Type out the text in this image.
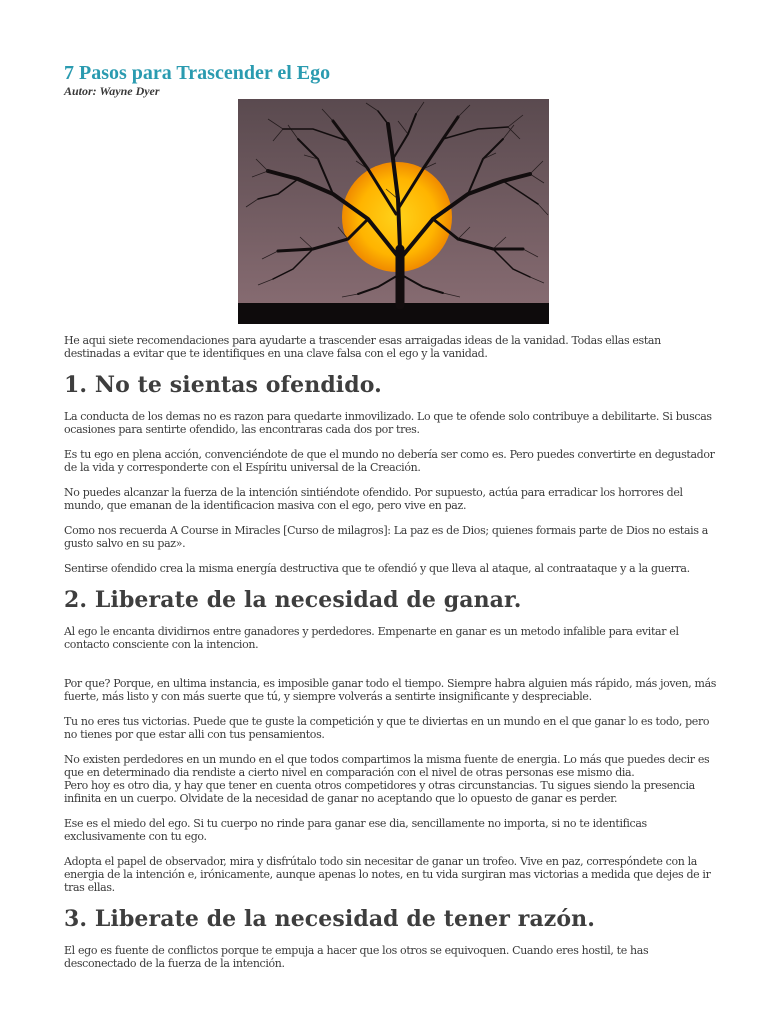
7 Pasos para Trascender el Ego
Autor: Wayne Dyer

He aqui siete recomendaciones para ayudarte a trascender esas arraigadas ideas de la vanidad. Todas ellas estan destinadas a evitar que te identifiques en una clave falsa con el ego y la vanidad.

1. No te sientas ofendido.

La conducta de los demas no es razon para quedarte inmovilizado. Lo que te ofende solo contribuye a debilitarte. Si buscas ocasiones para sentirte ofendido, las encontraras cada dos por tres.

Es tu ego en plena acción, convenciéndote de que el mundo no debería ser como es. Pero puedes convertirte en degustador de la vida y corresponderte con el Espíritu universal de la Creación.

No puedes alcanzar la fuerza de la intención sintiéndote ofendido. Por supuesto, actúa para erradicar los horrores del mundo, que emanan de la identificacion masiva con el ego, pero vive en paz.

Como nos recuerda A Course in Miracles [Curso de milagros]: La paz es de Dios; quienes formais parte de Dios no estais a gusto salvo en su paz».

Sentirse ofendido crea la misma energía destructiva que te ofendió y que lleva al ataque, al contraataque y a la guerra.

2. Liberate de la necesidad de ganar.

Al ego le encanta dividirnos entre ganadores y perdedores. Empenarte en ganar es un metodo infalible para evitar el contacto consciente con la intencion.

Por que? Porque, en ultima instancia, es imposible ganar todo el tiempo. Siempre habra alguien más rápido, más joven, más fuerte, más listo y con más suerte que tú, y siempre volverás a sentirte insignificante y despreciable.

Tu no eres tus victorias. Puede que te guste la competición y que te diviertas en un mundo en el que ganar lo es todo, pero no tienes por que estar alli con tus pensamientos.

No existen perdedores en un mundo en el que todos compartimos la misma fuente de energia. Lo más que puedes decir es que en determinado dia rendiste a cierto nivel en comparación con el nivel de otras personas ese mismo dia.

Pero hoy es otro dia, y hay que tener en cuenta otros competidores y otras circunstancias. Tu sigues siendo la presencia infinita en un cuerpo. Olvidate de la necesidad de ganar no aceptando que lo opuesto de ganar es perder.

Ese es el miedo del ego. Si tu cuerpo no rinde para ganar ese dia, sencillamente no importa, si no te identificas exclusivamente con tu ego.

Adopta el papel de observador, mira y disfrútalo todo sin necesitar de ganar un trofeo. Vive en paz, correspóndete con la energia de la intención e, irónicamente, aunque apenas lo notes, en tu vida surgiran mas victorias a medida que dejes de ir tras ellas.

3. Liberate de la necesidad de tener razón.

El ego es fuente de conflictos porque te empuja a hacer que los otros se equivoquen. Cuando eres hostil, te has desconectado de la fuerza de la intención.
